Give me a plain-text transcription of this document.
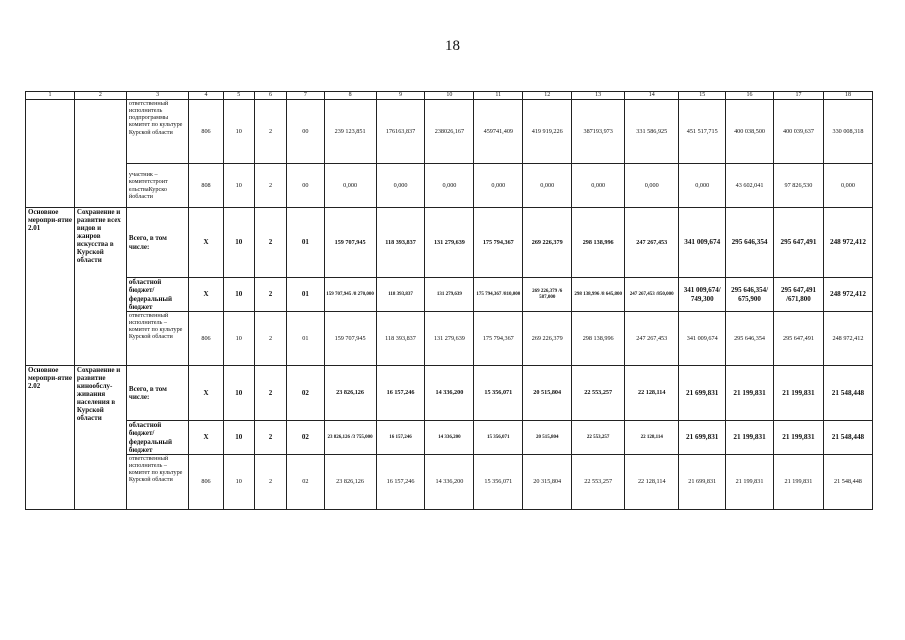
18
1	2	3	4	5	6	7	8	9	10	11	12	13	14	15	16	17	18
		ответственный исполнитель подпрограммы комитет по культуре Курской области	806	10	2	00	239 123,851	176163,837	238026,167	459741,409	419 919,226	387193,973	331 586,925	451 517,715	400 038,500	400 039,637	330 008,318
		участник – комитетстроит ельстваКурско йобласти	808	10	2	00	0,000	0,000	0,000	0,000	0,000	0,000	0,000	0,000	43 602,041	97 826,530	0,000
Основное меропри-ятие 2.01	Сохранение и развитие всех видов и жанров искусства в Курской области	Всего, в том числе:	X	10	2	01	159 707,945	118 393,837	131 279,639	175 794,367	269 226,379	298 138,996	247 267,453	341 009,674	295 646,354	295 647,491	248 972,412
		областной бюджет/ федеральный бюджет	X	10	2	01	159 707,945 /8 270,000	118 393,837	131 279,639	175 794,367 /810,000	269 226,379 /6 587,000	298 138,996 /8 645,800	247 267,453 /850,000	341 009,674/ 749,300	295 646,354/ 675,900	295 647,491 /671,800	248 972,412
		ответственный исполнитель – комитет по культуре Курской области	806	10	2	01	159 707,945	118 393,837	131 279,639	175 794,367	269 226,379	298 138,996	247 267,453	341 009,674	295 646,354	295 647,491	248 972,412
Основное меропри-ятие 2.02	Сохранение и развитие кинообслу-живания населения в Курской области	Всего, в том числе:	X	10	2	02	23 826,126	16 157,246	14 336,200	15 356,071	20 515,804	22 553,257	22 128,114	21 699,831	21 199,831	21 199,831	21 548,448
		областной бюджет/ федеральный бюджет	X	10	2	02	23 826,126 /3 755,000	16 157,246	14 336,200	15 356,071	20 515,804	22 553,257	22 128,114	21 699,831	21 199,831	21 199,831	21 548,448
		ответственный исполнитель – комитет по культуре Курской области	806	10	2	02	23 826,126	16 157,246	14 336,200	15 356,071	20 315,804	22 553,257	22 128,114	21 699,831	21 199,831	21 199,831	21 548,448
